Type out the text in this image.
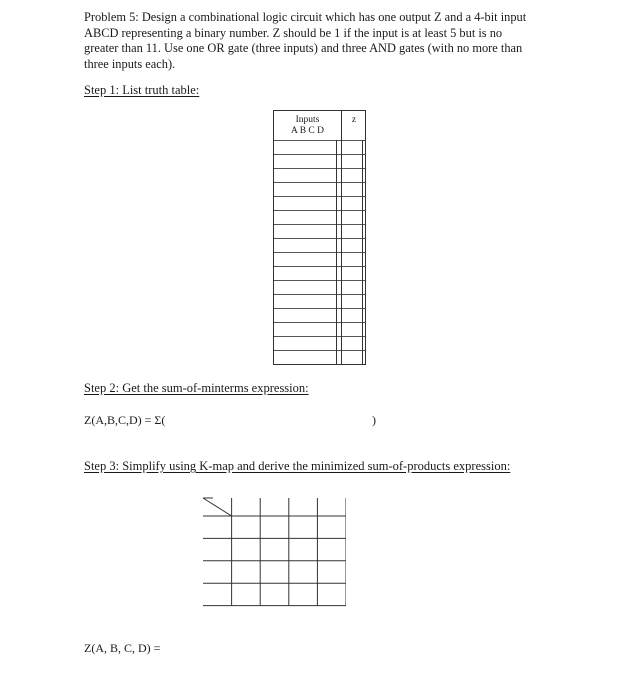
Problem 5: Design a combinational logic circuit which has one output Z and a 4-bit input
ABCD representing a binary number. Z should be 1 if the input is at least 5 but is no
greater than 11. Use one OR gate (three inputs) and three AND gates (with no more than
three inputs each).
Step 1: List truth table:
Inputs
A B C D
z
Step 2: Get the sum-of-minterms expression:
Z(A,B,C,D) = Σ(	)
Step 3: Simplify using K-map and derive the minimized sum-of-products expression:
Z(A, B, C, D) =
